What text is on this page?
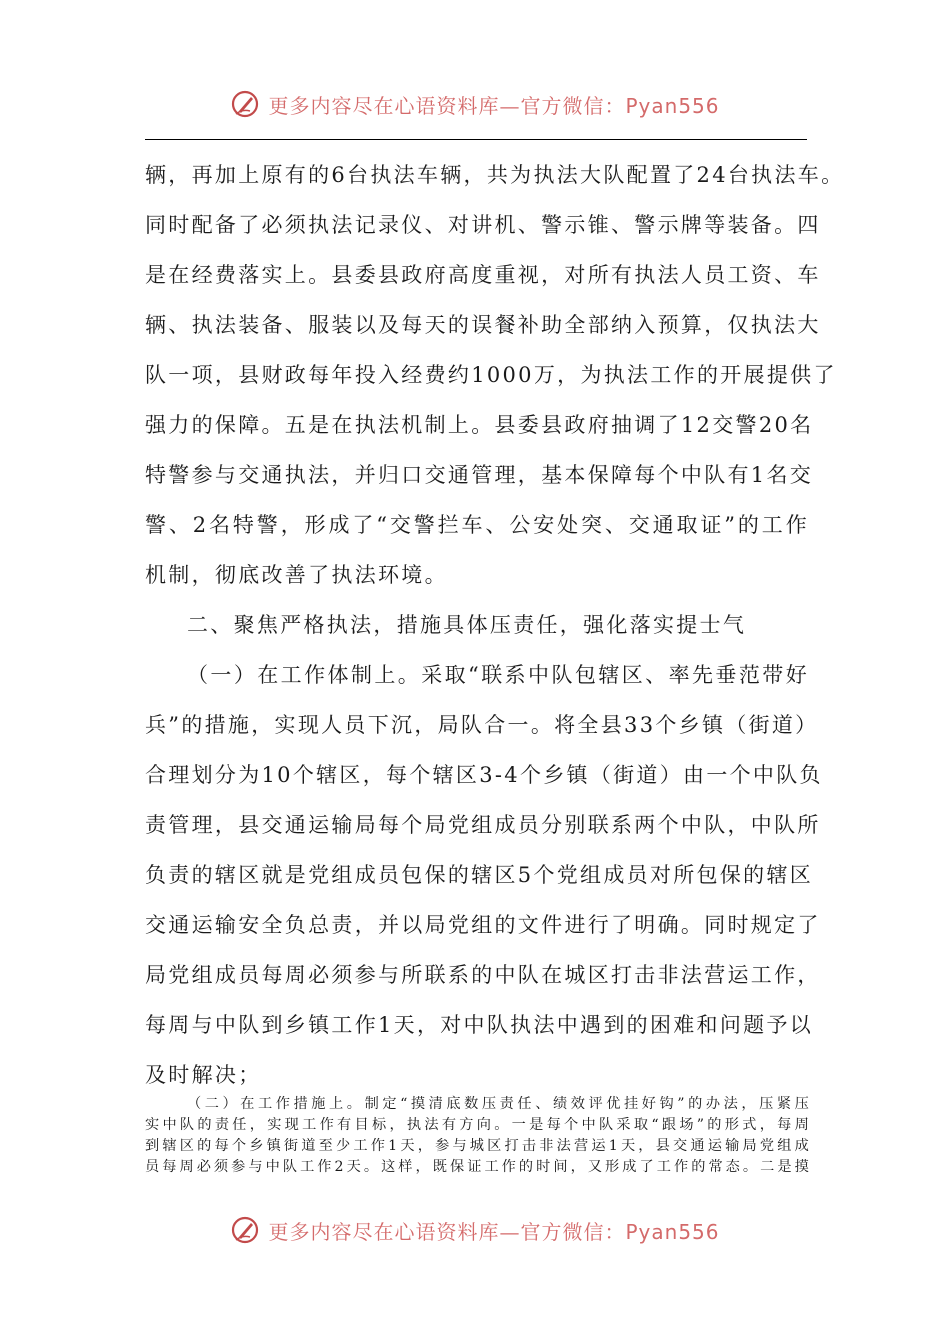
更多内容尽在心语资料库—官方微信：Pyan556
辆，再加上原有的6台执法车辆，共为执法大队配置了24台执法车。
同时配备了必须执法记录仪、对讲机、警示锥、警示牌等装备。四
是在经费落实上。县委县政府高度重视，对所有执法人员工资、车
辆、执法装备、服装以及每天的误餐补助全部纳入预算，仅执法大
队一项，县财政每年投入经费约1000万，为执法工作的开展提供了
强力的保障。五是在执法机制上。县委县政府抽调了12交警20名
特警参与交通执法，并归口交通管理，基本保障每个中队有1名交
警、2名特警，形成了“交警拦车、公安处突、交通取证”的工作
机制，彻底改善了执法环境。
二、聚焦严格执法，措施具体压责任，强化落实提士气
（一）在工作体制上。采取“联系中队包辖区、率先垂范带好
兵”的措施，实现人员下沉，局队合一。将全县33个乡镇（街道）
合理划分为10个辖区，每个辖区3-4个乡镇（街道）由一个中队负
责管理，县交通运输局每个局党组成员分别联系两个中队，中队所
负责的辖区就是党组成员包保的辖区5个党组成员对所包保的辖区
交通运输安全负总责，并以局党组的文件进行了明确。同时规定了
局党组成员每周必须参与所联系的中队在城区打击非法营运工作，
每周与中队到乡镇工作1天，对中队执法中遇到的困难和问题予以
及时解决；
（二）在工作措施上。制定“摸清底数压责任、绩效评优挂好钩”的办法，压紧压
实中队的责任，实现工作有目标，执法有方向。一是每个中队采取“跟场”的形式，每周
到辖区的每个乡镇街道至少工作1天，参与城区打击非法营运1天，县交通运输局党组成
员每周必须参与中队工作2天。这样，既保证工作的时间，又形成了工作的常态。二是摸
更多内容尽在心语资料库—官方微信：Pyan556
